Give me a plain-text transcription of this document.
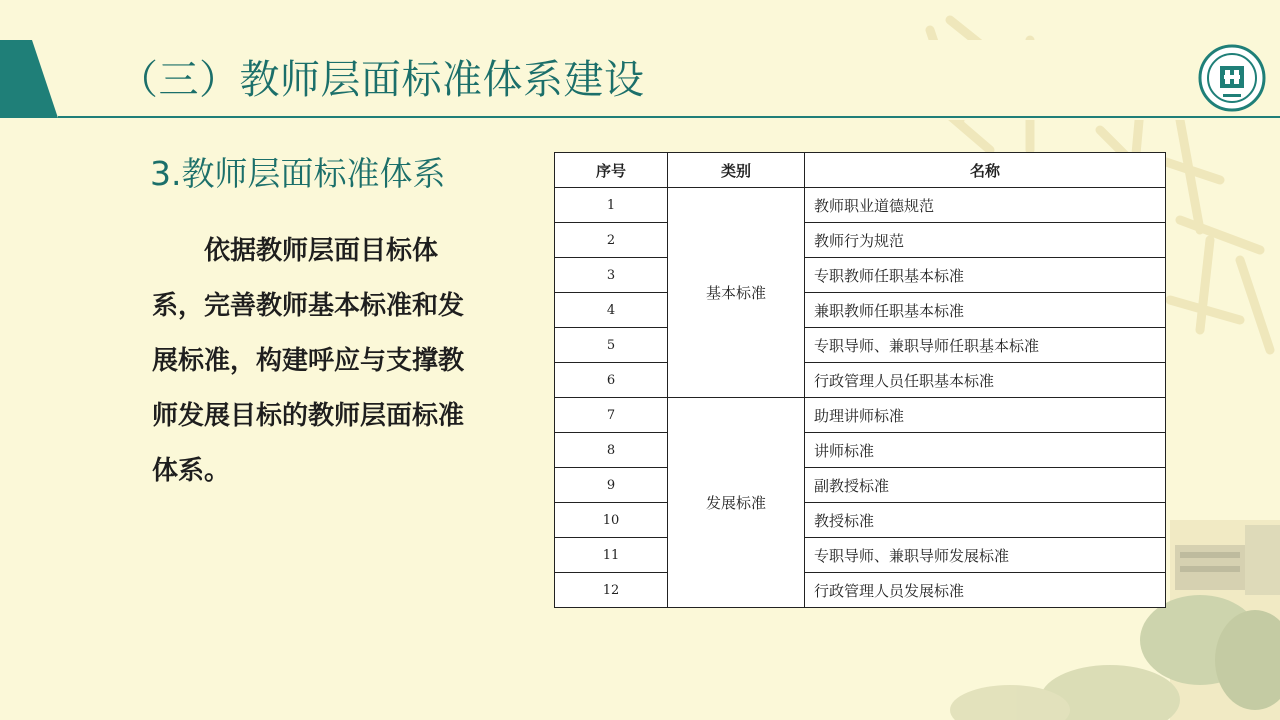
（三）教师层面标准体系建设
3.教师层面标准体系

依据教师层面目标体系，完善教师基本标准和发展标准，构建呼应与支撑教师发展目标的教师层面标准体系。

序号	类别	名称
1	基本标准	教师职业道德规范
2		教师行为规范
3		专职教师任职基本标准
4		兼职教师任职基本标准
5		专职导师、兼职导师任职基本标准
6		行政管理人员任职基本标准
7	发展标准	助理讲师标准
8		讲师标准
9		副教授标准
10		教授标准
11		专职导师、兼职导师发展标准
12		行政管理人员发展标准
